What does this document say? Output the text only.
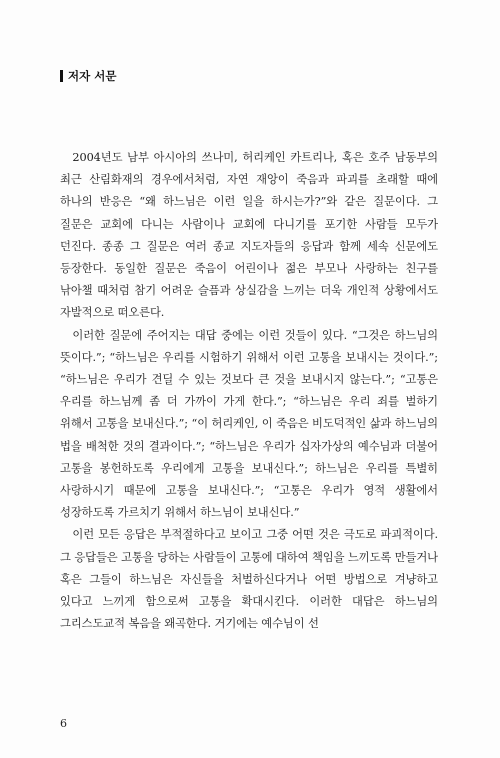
저자 서문

2004년도 남부 아시아의 쓰나미, 허리케인 카트리나, 혹은 호주 남동부의 최근 산림화재의 경우에서처럼, 자연 재앙이 죽음과 파괴를 초래할 때에 하나의 반응은 “왜 하느님은 이런 일을 하시는가?”와 같은 질문이다. 그 질문은 교회에 다니는 사람이나 교회에 다니기를 포기한 사람들 모두가 던진다. 종종 그 질문은 여러 종교 지도자들의 응답과 함께 세속 신문에도 등장한다. 동일한 질문은 죽음이 어린이나 젊은 부모나 사랑하는 친구를 낚아챌 때처럼 참기 어려운 슬픔과 상실감을 느끼는 더욱 개인적 상황에서도 자발적으로 떠오른다.

이러한 질문에 주어지는 대답 중에는 이런 것들이 있다. “그것은 하느님의 뜻이다.”; “하느님은 우리를 시험하기 위해서 이런 고통을 보내시는 것이다.”; “하느님은 우리가 견딜 수 있는 것보다 큰 것을 보내시지 않는다.”; “고통은 우리를 하느님께 좀 더 가까이 가게 한다.”; “하느님은 우리 죄를 벌하기 위해서 고통을 보내신다.”; “이 허리케인, 이 죽음은 비도덕적인 삶과 하느님의 법을 배척한 것의 결과이다.”; “하느님은 우리가 십자가상의 예수님과 더불어 고통을 봉헌하도록 우리에게 고통을 보내신다.”; 하느님은 우리를 특별히 사랑하시기 때문에 고통을 보내신다.”; “고통은 우리가 영적 생활에서 성장하도록 가르치기 위해서 하느님이 보내신다.”

이런 모든 응답은 부적절하다고 보이고 그중 어떤 것은 극도로 파괴적이다. 그 응답들은 고통을 당하는 사람들이 고통에 대하여 책임을 느끼도록 만들거나 혹은 그들이 하느님은 자신들을 처벌하신다거나 어떤 방법으로 겨냥하고 있다고 느끼게 함으로써 고통을 확대시킨다. 이러한 대답은 하느님의 그리스도교적 복음을 왜곡한다. 거기에는 예수님이 선

6
